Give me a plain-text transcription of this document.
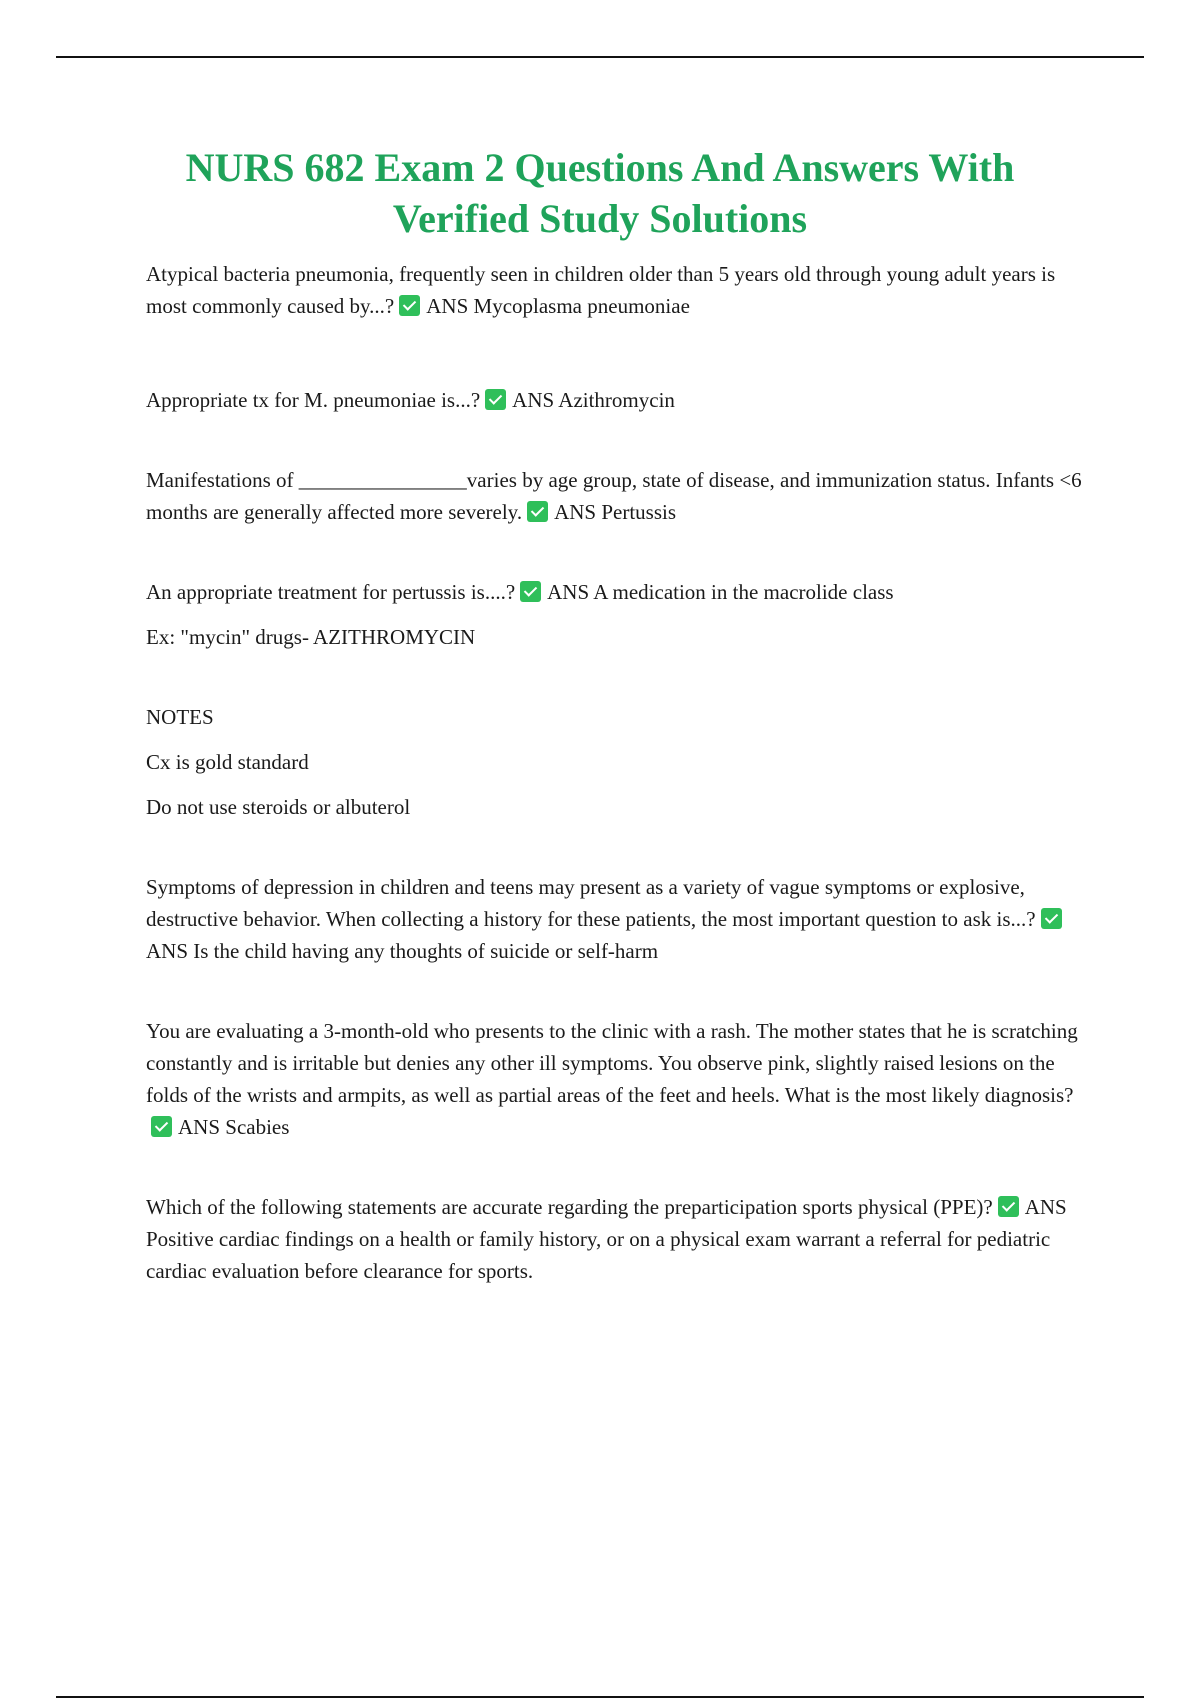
NURS 682 Exam 2 Questions And Answers With
Verified Study Solutions

Atypical bacteria pneumonia, frequently seen in children older than 5 years old through young adult years is most commonly caused by...? ANS Mycoplasma pneumoniae

Appropriate tx for M. pneumoniae is...? ANS Azithromycin

Manifestations of ________________varies by age group, state of disease, and immunization status. Infants <6 months are generally affected more severely. ANS Pertussis

An appropriate treatment for pertussis is....? ANS A medication in the macrolide class

Ex: "mycin" drugs- AZITHROMYCIN

NOTES

Cx is gold standard

Do not use steroids or albuterol

Symptoms of depression in children and teens may present as a variety of vague symptoms or explosive, destructive behavior. When collecting a history for these patients, the most important question to ask is...?ANS Is the child having any thoughts of suicide or self-harm

You are evaluating a 3-month-old who presents to the clinic with a rash. The mother states that he is scratching constantly and is irritable but denies any other ill symptoms. You observe pink, slightly raised lesions on the folds of the wrists and armpits, as well as partial areas of the feet and heels. What is the most likely diagnosis?ANS Scabies

Which of the following statements are accurate regarding the preparticipation sports physical (PPE)? ANS Positive cardiac findings on a health or family history, or on a physical exam warrant a referral for pediatric cardiac evaluation before clearance for sports.
